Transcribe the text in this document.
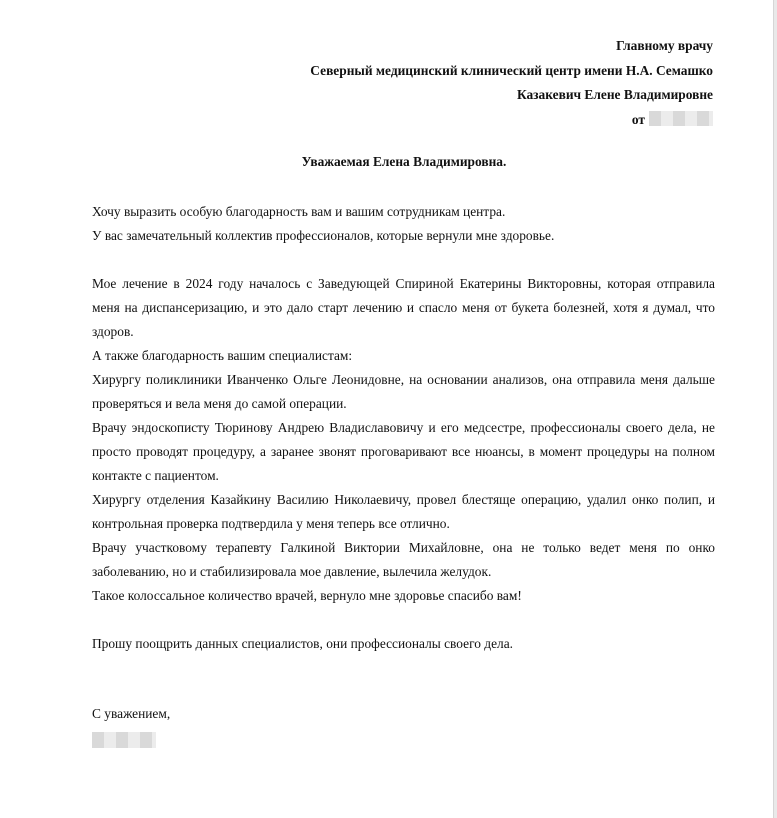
Главному врачу
Северный медицинский клинический центр имени Н.А. Семашко
Казакевич Елене Владимировне
от
Уважаемая Елена Владимировна.

Хочу выразить особую благодарность вам и вашим сотрудникам центра.

У вас замечательный коллектив профессионалов, которые вернули мне здоровье.

Мое лечение в 2024 году началось с Заведующей Спириной Екатерины Викторовны, которая отправила меня на диспансеризацию, и это дало старт лечению и спасло меня от букета болезней, хотя я думал, что здоров.

А также благодарность вашим специалистам:

Хирургу поликлиники Иванченко Ольге Леонидовне, на основании анализов, она отправила меня дальше проверяться и вела меня до самой операции.

Врачу эндоскописту Тюринову Андрею Владиславовичу и его медсестре, профессионалы своего дела, не просто проводят процедуру, а заранее звонят проговаривают все нюансы, в момент процедуры на полном контакте с пациентом.

Хирургу отделения Казайкину Василию Николаевичу, провел блестяще операцию, удалил онко полип, и контрольная проверка подтвердила у меня теперь все отлично.

Врачу участковому терапевту Галкиной Виктории Михайловне, она не только ведет меня по онко заболеванию, но и стабилизировала мое давление, вылечила желудок.

Такое колоссальное количество врачей, вернуло мне здоровье спасибо вам!

Прошу поощрить данных специалистов, они профессионалы своего дела.

С уважением,
